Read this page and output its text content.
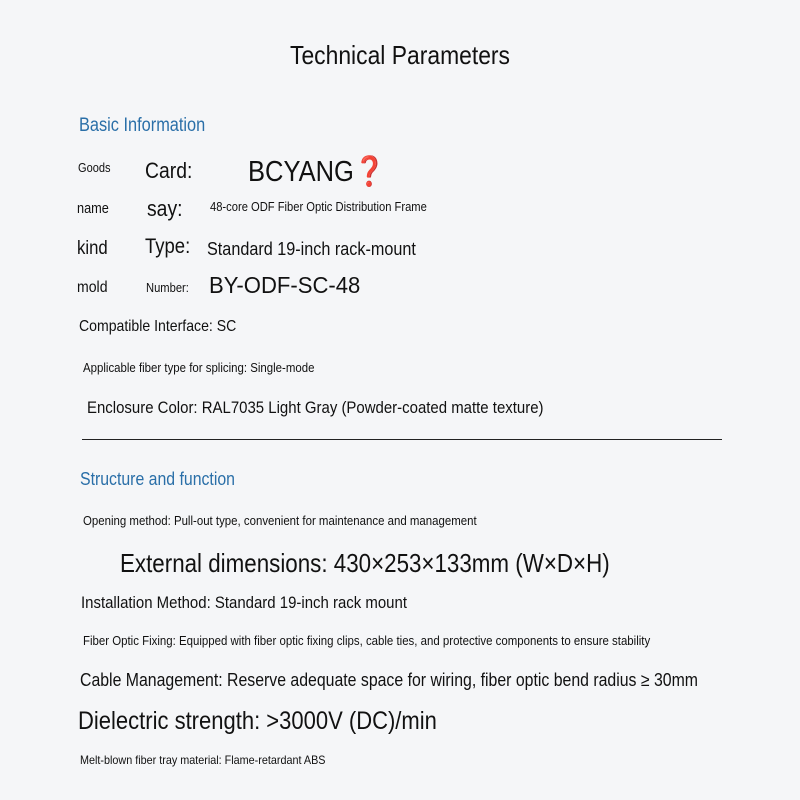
Technical Parameters
Basic Information
Goods Card: BCYANG❓
name say:	48-core ODF Fiber Optic Distribution Frame
kind Type: Standard 19-inch rack-mount
mold	Number: BY-ODF-SC-48
Compatible Interface: SC
Applicable fiber type for splicing: Single-mode
Enclosure Color: RAL7035 Light Gray (Powder-coated matte texture)
Structure and function
Opening method: Pull-out type, convenient for maintenance and management
External dimensions: 430×253×133mm (W×D×H)
Installation Method: Standard 19-inch rack mount
Fiber Optic Fixing: Equipped with fiber optic fixing clips, cable ties, and protective components to ensure stability
Cable Management: Reserve adequate space for wiring, fiber optic bend radius ≥ 30mm
Dielectric strength: >3000V (DC)/min
Melt-blown fiber tray material: Flame-retardant ABS
